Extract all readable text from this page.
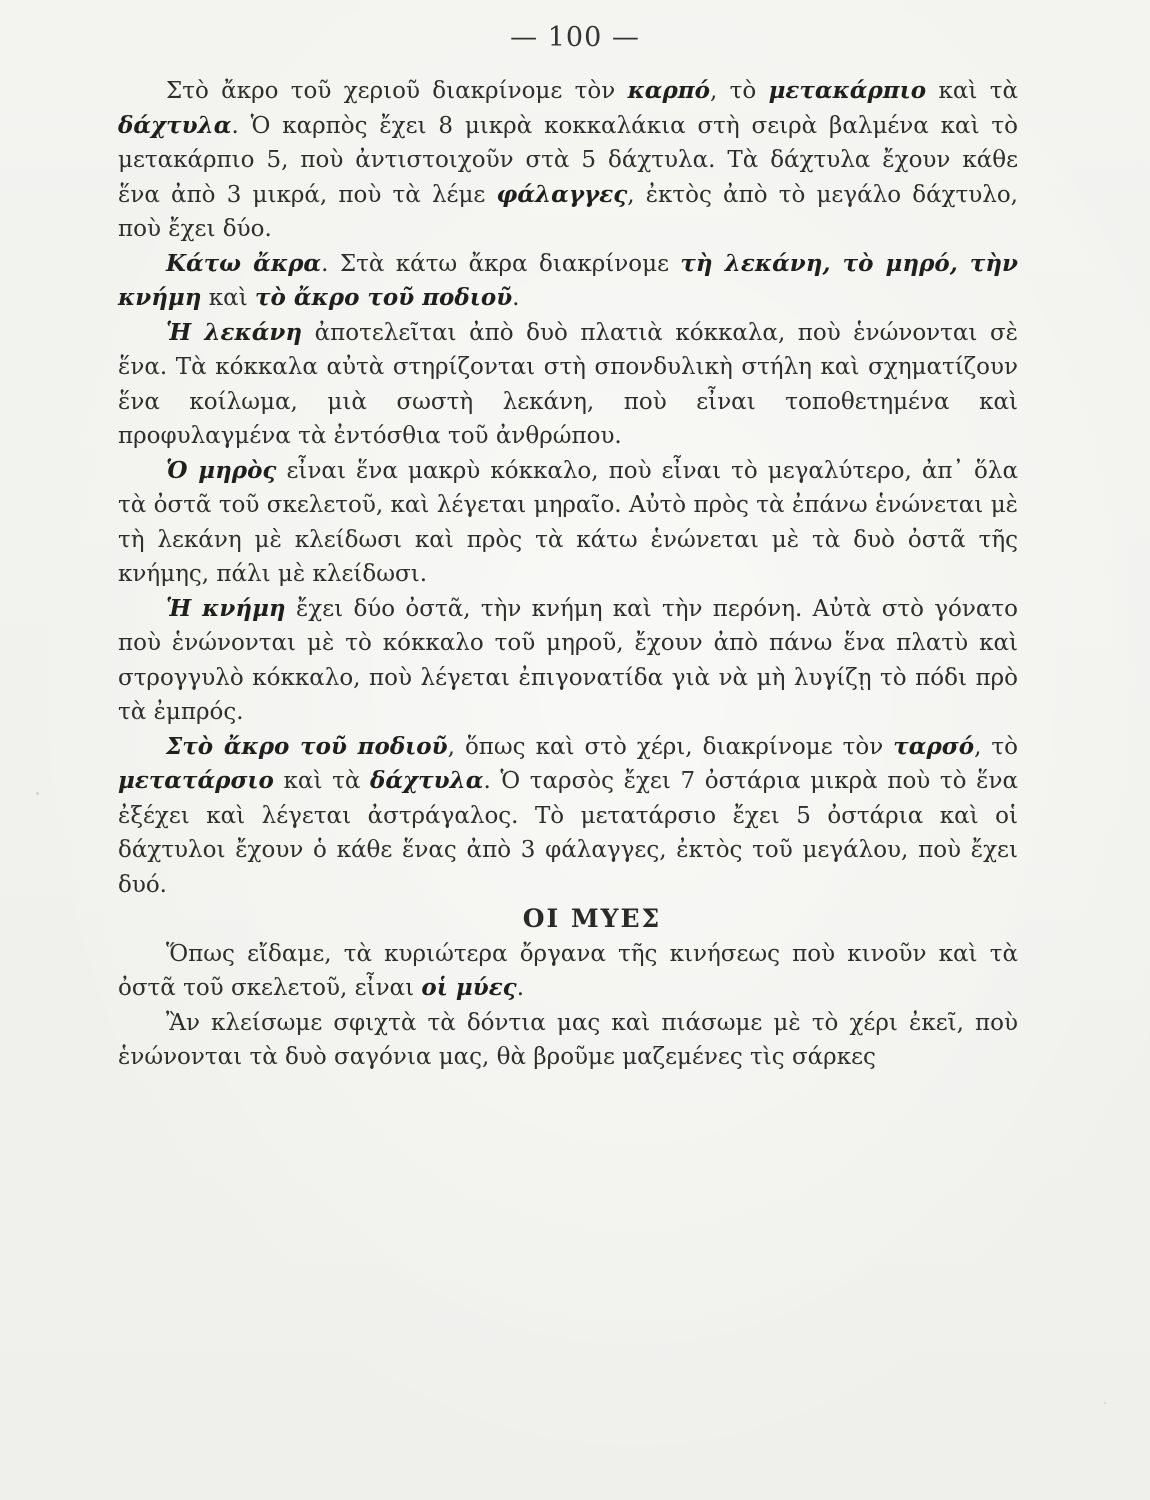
— 100 —

Στὸ ἄκρο τοῦ χεριοῦ διακρίνομε τὸν καρπό, τὸ μετακάρπιο καὶ τὰ δάχτυλα. Ὁ καρπὸς ἔχει 8 μικρὰ κοκκαλάκια στὴ σειρὰ βαλμένα καὶ τὸ μετακάρπιο 5, ποὺ ἀντιστοιχοῦν στὰ 5 δάχτυλα. Τὰ δάχτυλα ἔχουν κάθε ἕνα ἀπὸ 3 μικρά, ποὺ τὰ λέμε φάλαγγες, ἐκτὸς ἀπὸ τὸ μεγάλο δάχτυλο, ποὺ ἔχει δύο.

Κάτω ἄκρα. Στὰ κάτω ἄκρα διακρίνομε τὴ λεκάνη, τὸ μηρό, τὴν κνήμη καὶ τὸ ἄκρο τοῦ ποδιοῦ.

Ἡ λεκάνη ἀποτελεῖται ἀπὸ δυὸ πλατιὰ κόκκαλα, ποὺ ἑνώνονται σὲ ἕνα. Τὰ κόκκαλα αὐτὰ στηρίζονται στὴ σπονδυλικὴ στήλη καὶ σχηματίζουν ἕνα κοίλωμα, μιὰ σωστὴ λεκάνη, ποὺ εἶναι τοποθετημένα καὶ προφυλαγμένα τὰ ἐντόσθια τοῦ ἀνθρώπου.

Ὁ μηρὸς εἶναι ἕνα μακρὺ κόκκαλο, ποὺ εἶναι τὸ μεγαλύτερο, ἀπ᾿ ὅλα τὰ ὀστᾶ τοῦ σκελετοῦ, καὶ λέγεται μηραῖο. Αὐτὸ πρὸς τὰ ἐπάνω ἑνώνεται μὲ τὴ λεκάνη μὲ κλείδωσι καὶ πρὸς τὰ κάτω ἑνώνεται μὲ τὰ δυὸ ὀστᾶ τῆς κνήμης, πάλι μὲ κλείδωσι.

Ἡ κνήμη ἔχει δύο ὀστᾶ, τὴν κνήμη καὶ τὴν περόνη. Αὐτὰ στὸ γόνατο ποὺ ἑνώνονται μὲ τὸ κόκκαλο τοῦ μηροῦ, ἔχουν ἀπὸ πάνω ἕνα πλατὺ καὶ στρογγυλὸ κόκκαλο, ποὺ λέγεται ἐπιγονατίδα γιὰ νὰ μὴ λυγίζῃ τὸ πόδι πρὸ τὰ ἐμπρός.

Στὸ ἄκρο τοῦ ποδιοῦ, ὅπως καὶ στὸ χέρι, διακρίνομε τὸν ταρσό, τὸ μετατάρσιο καὶ τὰ δάχτυλα. Ὁ ταρσὸς ἔχει 7 ὀστάρια μικρὰ ποὺ τὸ ἕνα ἐξέχει καὶ λέγεται ἀστράγαλος. Τὸ μετατάρσιο ἔχει 5 ὀστάρια καὶ οἱ δάχτυλοι ἔχουν ὁ κάθε ἕνας ἀπὸ 3 φάλαγγες, ἐκτὸς τοῦ μεγάλου, ποὺ ἔχει δυό.

ΟΙ ΜΥΕΣ

Ὅπως εἴδαμε, τὰ κυριώτερα ὄργανα τῆς κινήσεως ποὺ κινοῦν καὶ τὰ ὀστᾶ τοῦ σκελετοῦ, εἶναι οἱ μύες.

Ἂν κλείσωμε σφιχτὰ τὰ δόντια μας καὶ πιάσωμε μὲ τὸ χέρι ἐκεῖ, ποὺ ἑνώνονται τὰ δυὸ σαγόνια μας, θὰ βροῦμε μαζεμένες τὶς σάρκες
